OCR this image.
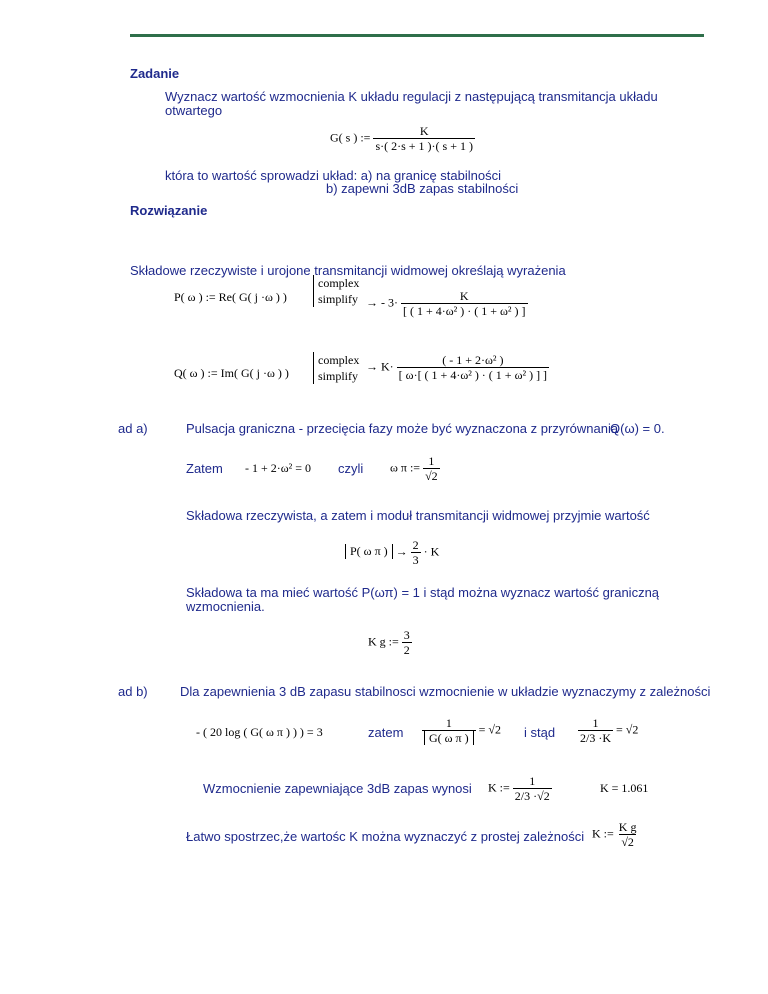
Zadanie
Wyznacz wartość wzmocnienia K układu regulacji z następującą transmitancja układu
otwartego
G( s ) := $\frac{K}{s\cdot( 2\cdot s + 1 )\cdot( s + 1 )}$
która to wartość sprowadzi układ: a) na granicę stabilności
b) zapewni 3dB zapas stabilności
Rozwiązanie
Składowe rzeczywiste i urojone transmitancji widmowej określają wyrażenia
P( ω ) := Re( G( j ·ω ) )
complex
simplify → - $3\cdot \frac{K}{\text{[ ( 1 + 4·ω² ) · ( 1 + ω² ) ]}}$
Q( ω ) := Im( G( j ·ω ) )
complex
simplify
→ $K\cdot \frac{\text{( - 1 + 2·ω² )}}{\text{[ ω·[ ( 1 + 4·ω² ) · ( 1 + ω² ) ] ]}}$
ad a)	Pulsacja graniczna - przecięcia fazy może być wyznaczona z przyrównania
Q(ω) = 0.
Zatem - 1 + 2·ω² = 0 czyli ω π := $\frac{1}{√2}$
Składowa rzeczywista, a zatem i moduł transmitancji widmowej przyjmie wartość
P( ω π ) → $\frac{2}{3} \cdot K$
Składowa ta ma mieć wartość P(ωπ) = 1 i stąd można wyznacz wartość graniczną
wzmocnienia.
K g := $\frac{3}{2}$
ad b) Dla zapewnienia 3 dB zapasu stabilnosci wzmocnienie w układzie wyznaczymy z zależności
- ( 20 log ( G( ω π ) ) ) = 3	zatem $\frac{1}{\text{G( ω π )}} = √2$ i stąd $\frac{1}{2/3 \cdot K} = √2$
Wzmocnienie zapewniające 3dB zapas wynosi K := $\frac{1}{2/3 \cdot√2}$	K = 1.061
Łatwo spostrzec,że wartośc K można wyznaczyć z prostej zależności K := $\frac{\text{K g}}{√2}$
